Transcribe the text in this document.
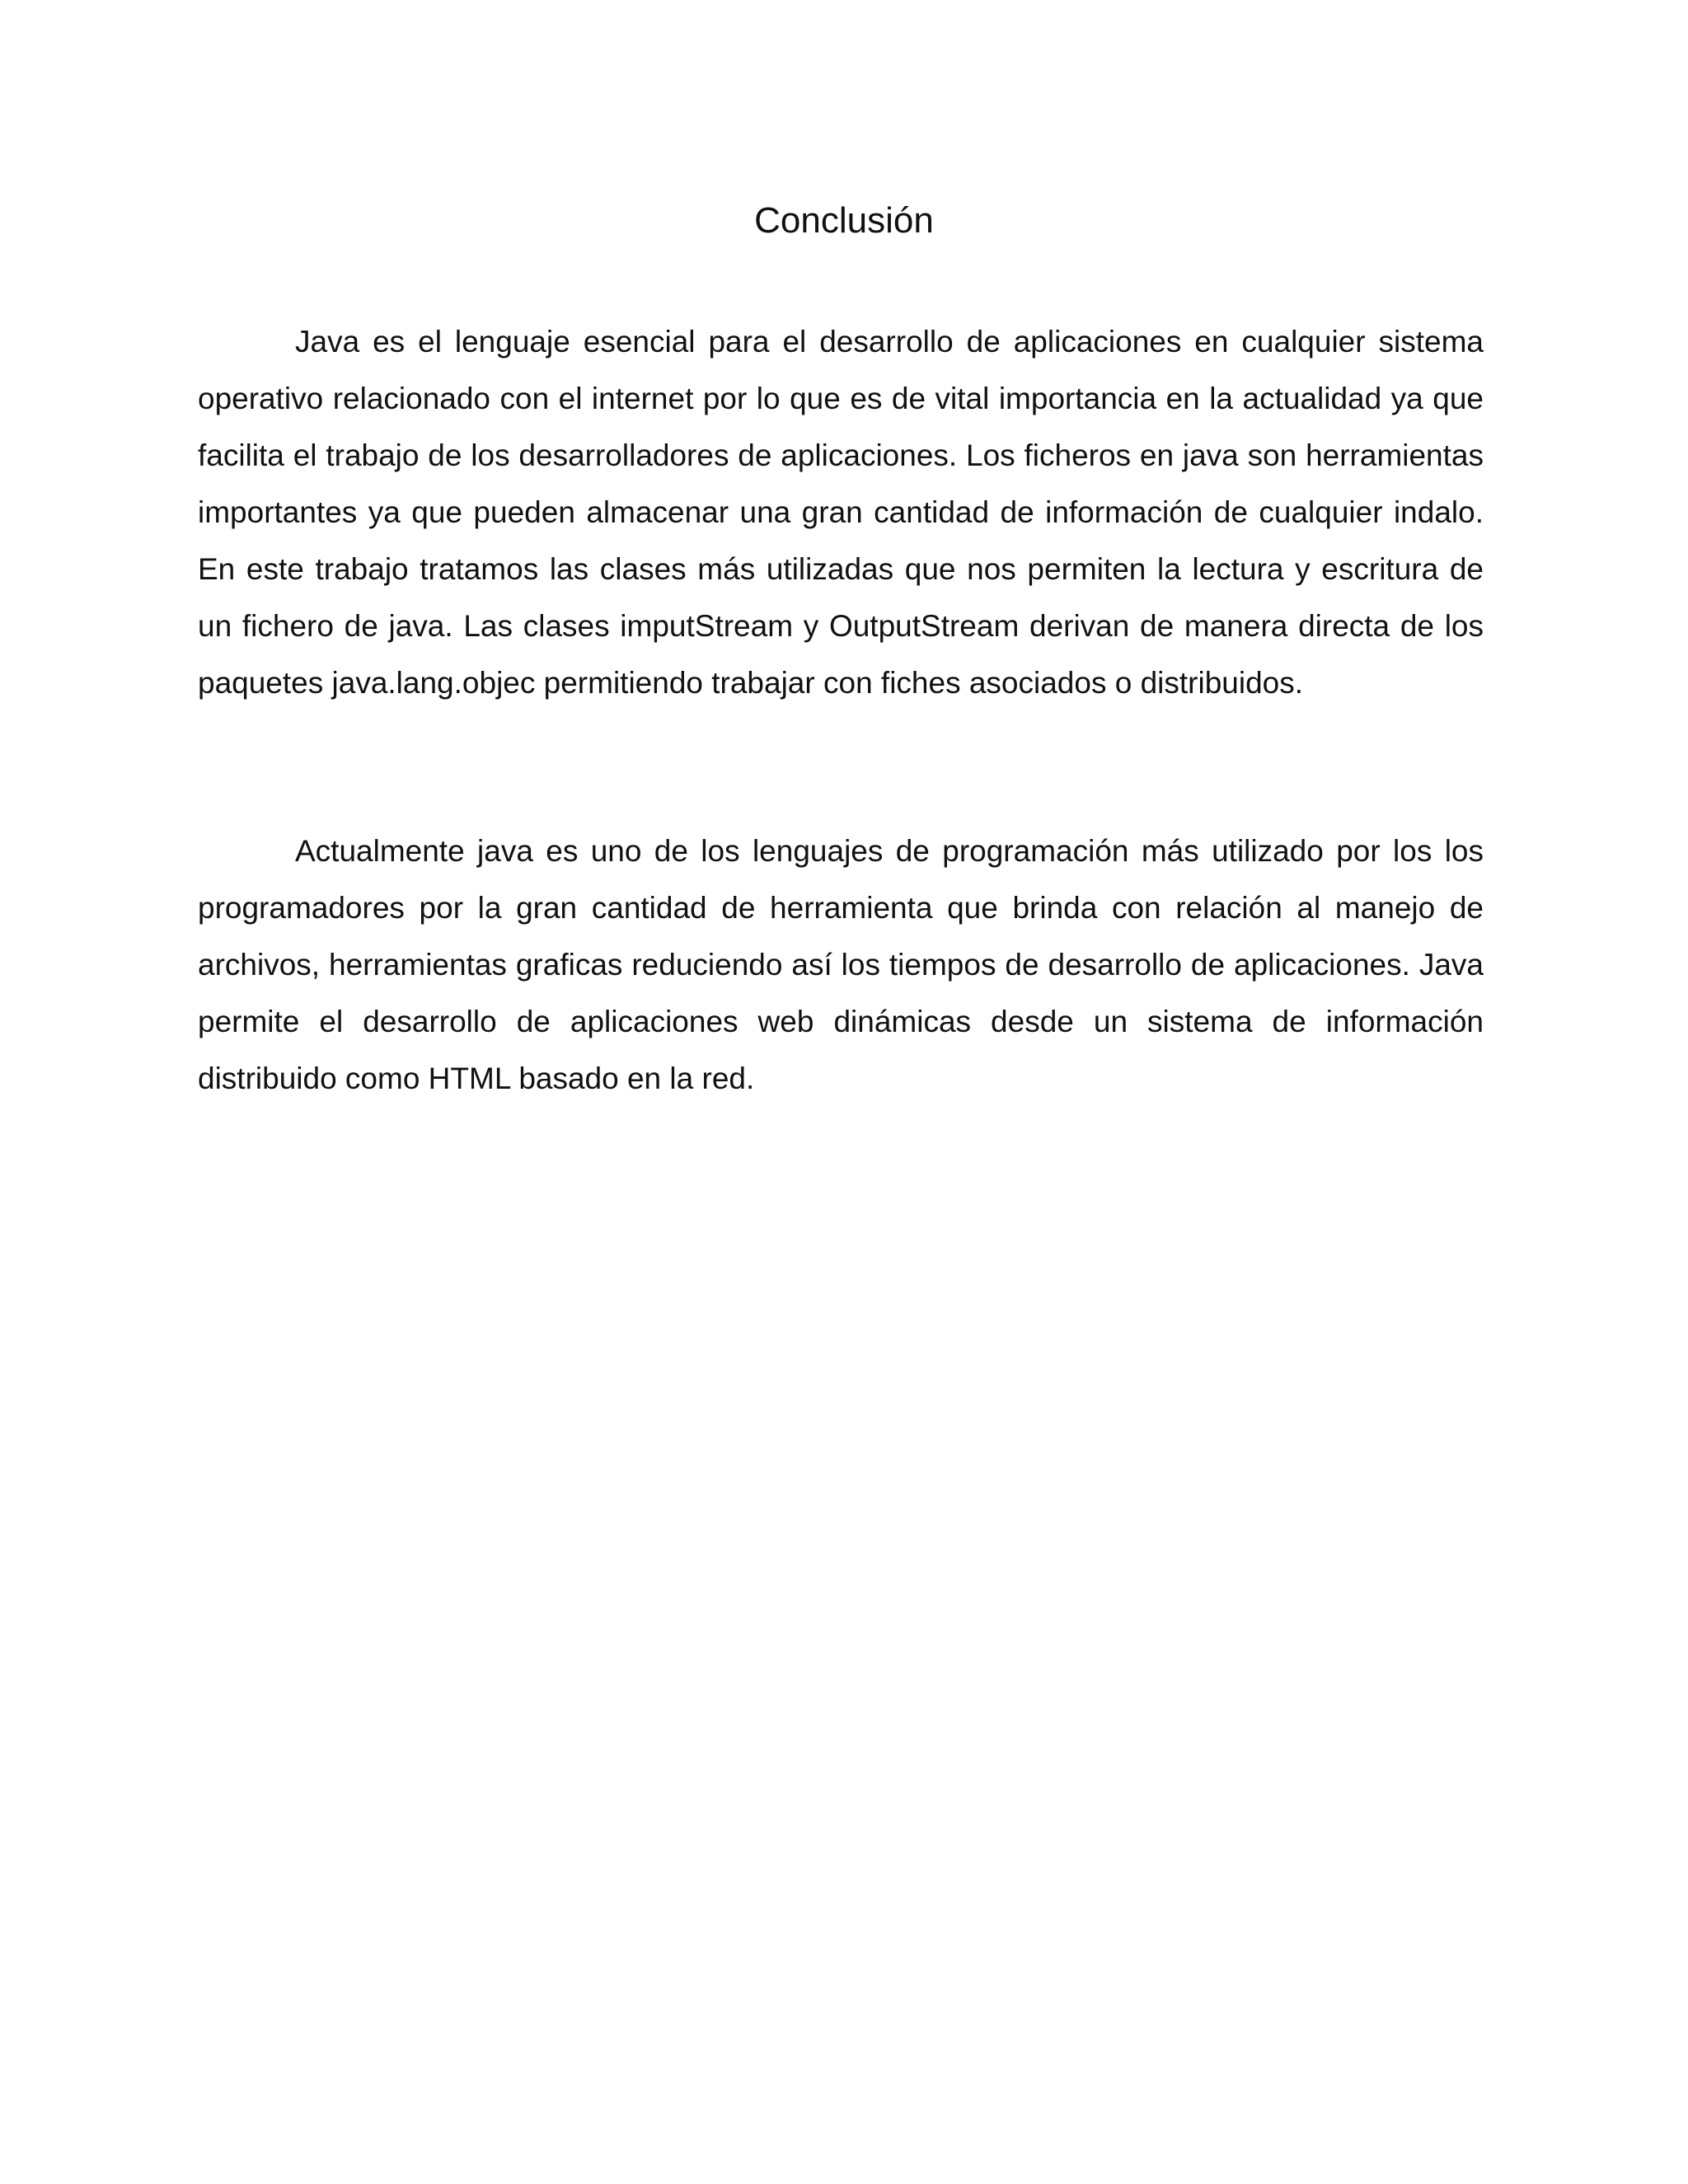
Conclusión

Java es el lenguaje esencial para el desarrollo de aplicaciones en cualquier sistema operativo relacionado con el internet por lo que es de vital importancia en la actualidad ya que facilita el trabajo de los desarrolladores de aplicaciones. Los ficheros en java son herramientas importantes ya que pueden almacenar una gran cantidad de información de cualquier indalo. En este trabajo tratamos las clases más utilizadas que nos permiten la lectura y escritura de un fichero de java. Las clases imputStream y OutputStream derivan de manera directa de los paquetes java.lang.objec permitiendo trabajar con fiches asociados o distribuidos.

Actualmente java es uno de los lenguajes de programación más utilizado por los los programadores por la gran cantidad de herramienta que brinda con relación al manejo de archivos, herramientas graficas reduciendo así los tiempos de desarrollo de aplicaciones. Java permite el desarrollo de aplicaciones web dinámicas desde un sistema de información distribuido como HTML basado en la red.
